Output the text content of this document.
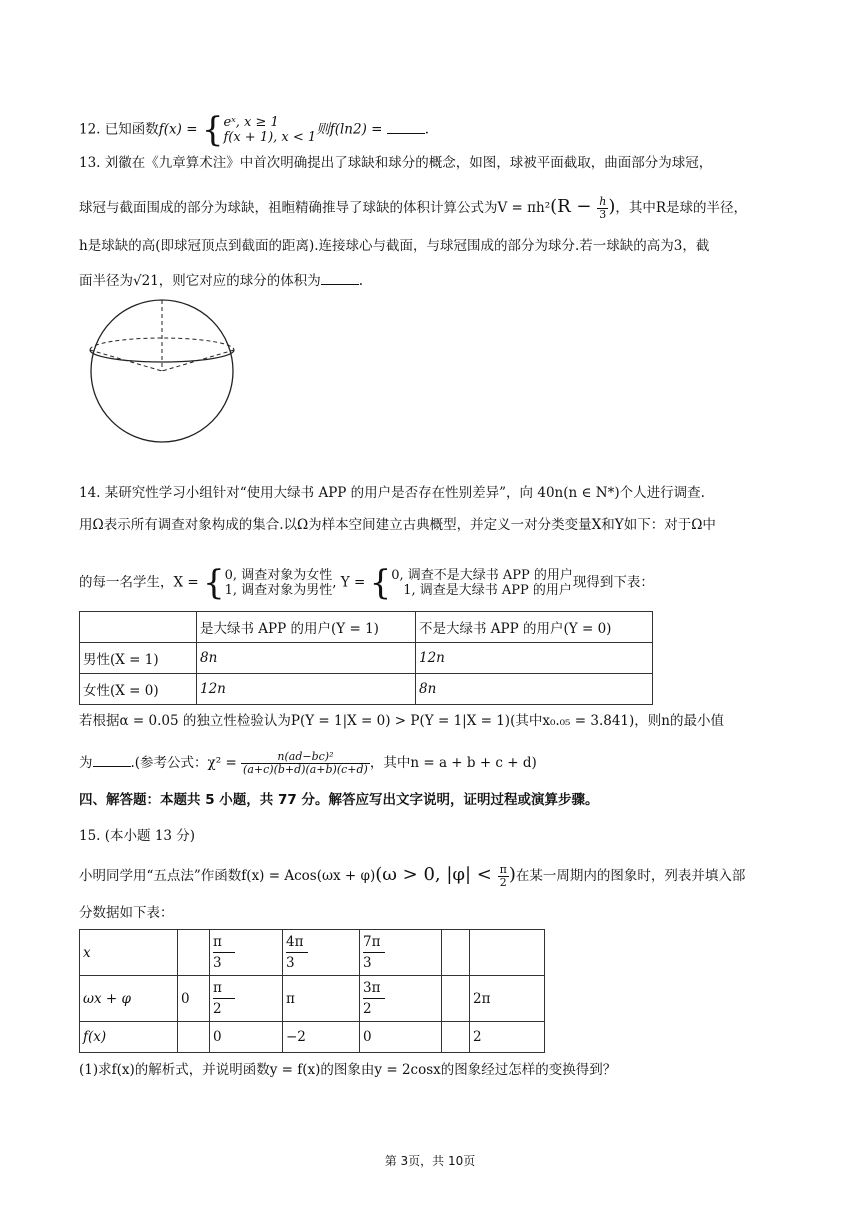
12. 已知函数f(x) = { eˣ, x ≥ 1
f(x + 1), x < 1 则f(ln2) =	.
13. 刘徽在《九章算术注》中首次明确提出了球缺和球分的概念，如图，球被平面截取，曲面部分为球冠，
球冠与截面围成的部分为球缺，祖暅精确推导了球缺的体积计算公式为$V = \pi h^2(R - \frac{h}{3}$ )，其中R是球的半径，
h是球缺的高(即球冠顶点到截面的距离).连接球心与截面，与球冠围成的部分为球分.若一球缺的高为3，截
面半径为√21，则它对应的球分的体积为	.
14. 某研究性学习小组针对“使用大绿书 APP 的用户是否存在性别差异”，向 40n(n ∈ N*)个人进行调查.
用Ω表示所有调查对象构成的集合.以Ω为样本空间建立古典概型，并定义一对分类变量X和Y如下：对于Ω中
的每一名学生，X = { 0, 调查对象为女性
1, 调查对象为男性 , Y = { 0, 调查不是大绿书 APP 的用户
1, 调查是大绿书 APP 的用户 现得到下表：
	是大绿书 APP 的用户(Y = 1)	不是大绿书 APP 的用户(Y = 0)
男性(X = 1)	8n	12n
女性(X = 0)	12n	8n
若根据α = 0.05 的独立性检验认为P(Y = 1|X = 0) > P(Y = 1|X = 1)(其中x₀.₀₅ = 3.841)，则n的最小值
为	.(参考公式：$\chi^2 = \frac{\text{n(ad−bc)²}}{(a+c)(b+d)(a+b)(c+d)}$ ，其中n = a + b + c + d)
四、解答题：本题共 5 小题，共 77 分。解答应写出文字说明，证明过程或演算步骤。
15. (本小题 13 分)
小明同学用“五点法”作函数f(x) = Acos(ωx + φ)(ω > 0, $|\varphi| < \frac{\pi}{2}$ )在某一周期内的图象时，列表并填入部
分数据如下表：
x		$\frac{\pi}{3}$	$\frac{4\pi}{3}$	$\frac{7\pi}{3}$		
ωx + φ	0	$\frac{\pi}{2}$	π	$\frac{3\pi}{2}$		2π
f(x)		0	−2	0		2
(1)求f(x)的解析式，并说明函数y = f(x)的图象由y = 2cosx的图象经过怎样的变换得到？
第 3页，共 10页
